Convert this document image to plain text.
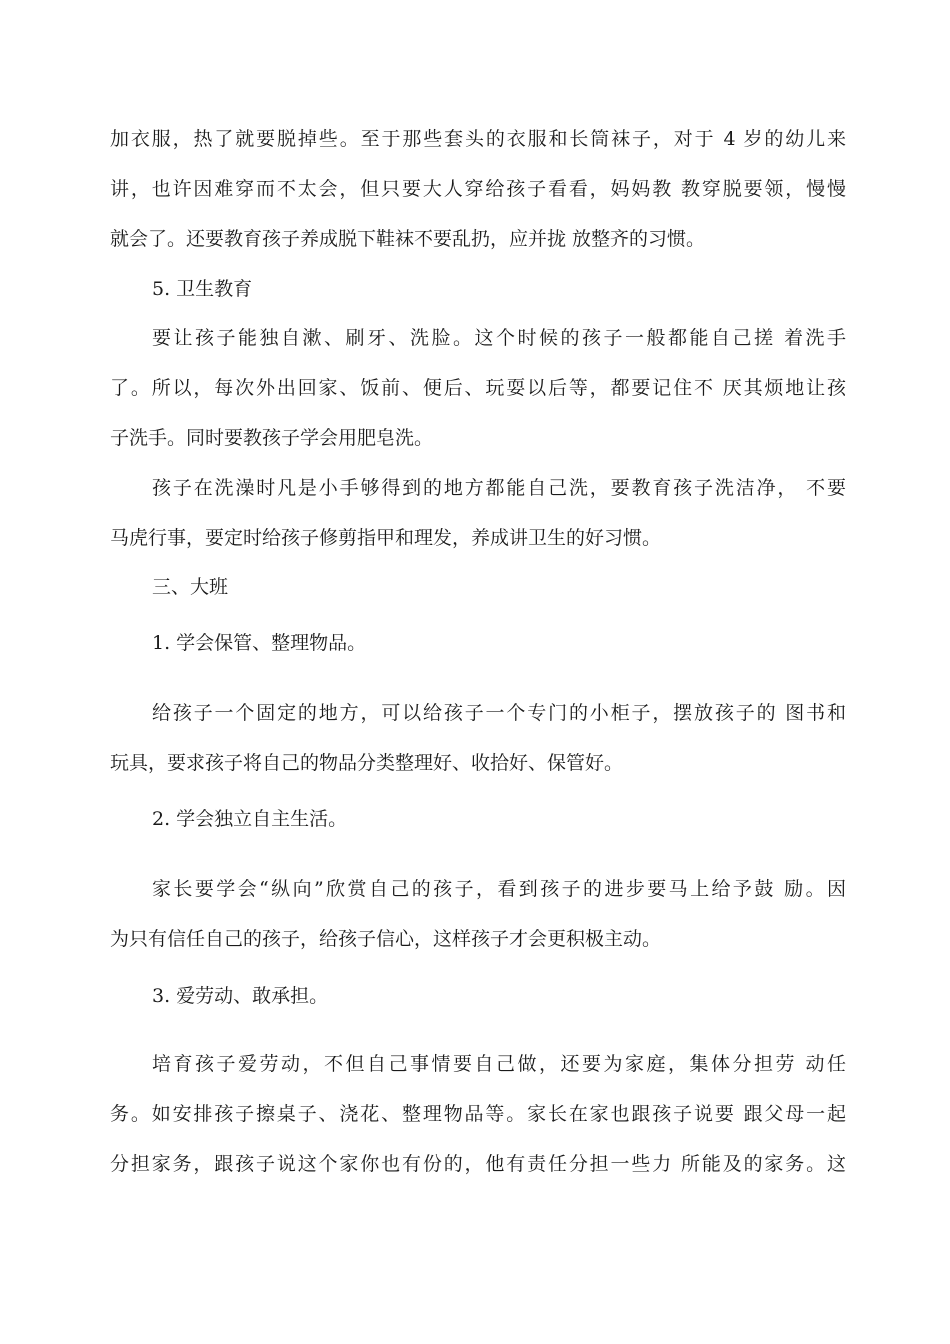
加衣服，热了就要脱掉些。至于那些套头的衣服和长筒袜子，对于 4 岁的幼儿来
讲，也许因难穿而不太会，但只要大人穿给孩子看看，妈妈教 教穿脱要领，慢慢
就会了。还要教育孩子养成脱下鞋袜不要乱扔，应并拢 放整齐的习惯。
5. 卫生教育
要让孩子能独自漱、刷牙、洗脸。这个时候的孩子一般都能自己搓 着洗手
了。所以，每次外出回家、饭前、便后、玩耍以后等，都要记住不 厌其烦地让孩
子洗手。同时要教孩子学会用肥皂洗。
孩子在洗澡时凡是小手够得到的地方都能自己洗，要教育孩子洗洁净， 不要
马虎行事，要定时给孩子修剪指甲和理发，养成讲卫生的好习惯。
三、大班
1. 学会保管、整理物品。
给孩子一个固定的地方，可以给孩子一个专门的小柜子，摆放孩子的 图书和
玩具，要求孩子将自己的物品分类整理好、收拾好、保管好。
2. 学会独立自主生活。
家长要学会“纵向”欣赏自己的孩子，看到孩子的进步要马上给予鼓 励。因
为只有信任自己的孩子，给孩子信心，这样孩子才会更积极主动。
3. 爱劳动、敢承担。
培育孩子爱劳动，不但自己事情要自己做，还要为家庭，集体分担劳 动任
务。如安排孩子擦桌子、浇花、整理物品等。家长在家也跟孩子说要 跟父母一起
分担家务，跟孩子说这个家你也有份的，他有责任分担一些力 所能及的家务。这
